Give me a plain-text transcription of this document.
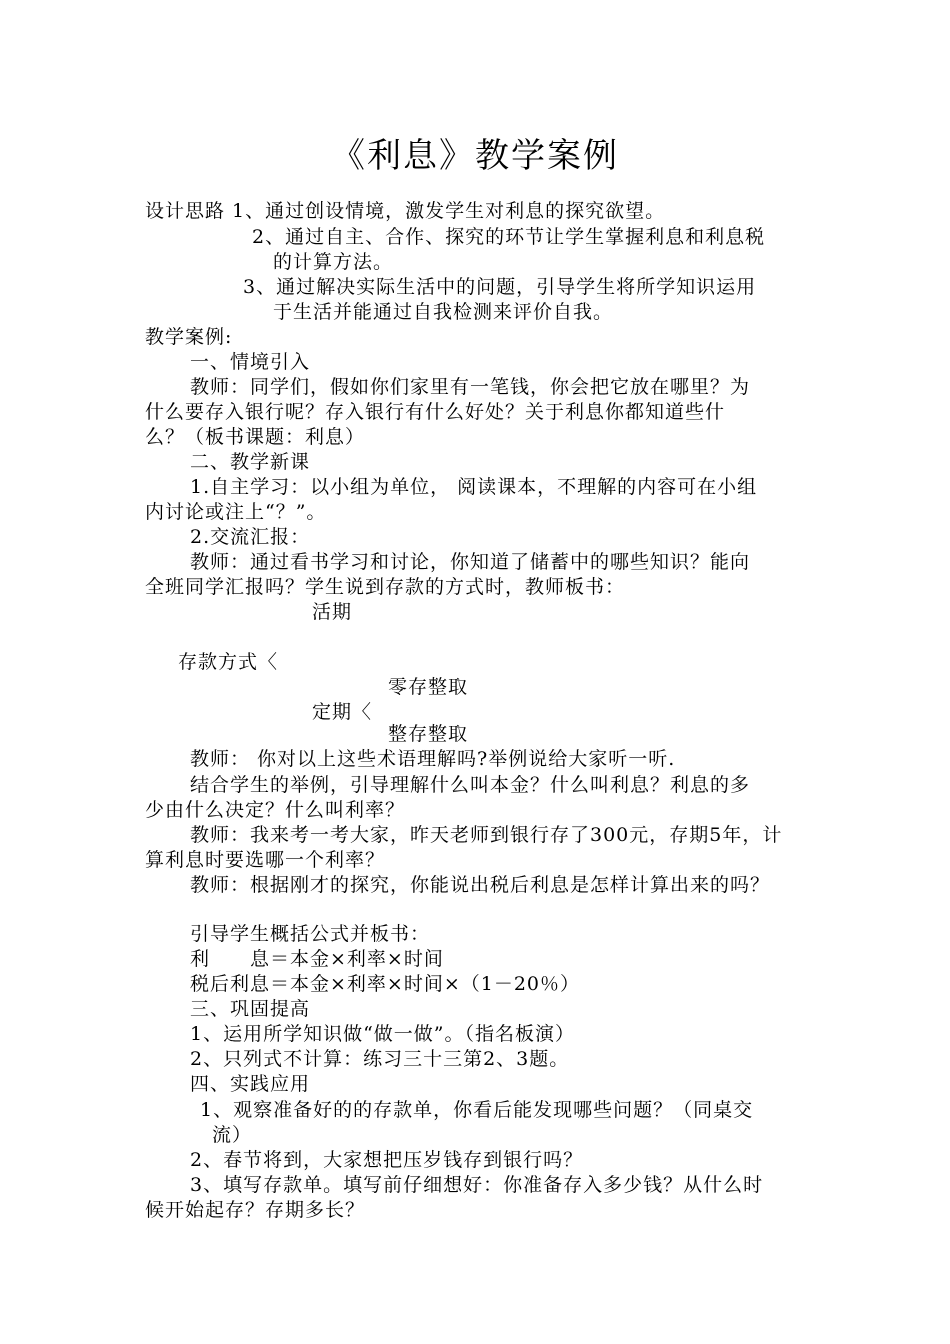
《利息》教学案例
设计思路 1、通过创设情境，激发学生对利息的探究欲望。
2、通过自主、合作、探究的环节让学生掌握利息和利息税
的计算方法。
3、通过解决实际生活中的问题，引导学生将所学知识运用
于生活并能通过自我检测来评价自我。
教学案例:
一、情境引入
教师：同学们，假如你们家里有一笔钱，你会把它放在哪里？为
什么要存入银行呢？存入银行有什么好处？关于利息你都知道些什
么？（板书课题：利息）
二、教学新课
1.自主学习：以小组为单位， 阅读课本，不理解的内容可在小组
内讨论或注上“？”。
2.交流汇报：
教师：通过看书学习和讨论，你知道了储蓄中的哪些知识？能向
全班同学汇报吗？学生说到存款的方式时，教师板书：
活期
存款方式〈
零存整取
定期〈
整存整取
教师： 你对以上这些术语理解吗?举例说给大家听一听.
结合学生的举例，引导理解什么叫本金？什么叫利息？利息的多
少由什么决定？什么叫利率？
教师：我来考一考大家，昨天老师到银行存了300元，存期5年，计
算利息时要选哪一个利率？
教师：根据刚才的探究，你能说出税后利息是怎样计算出来的吗？
引导学生概括公式并板书：
利　　息＝本金×利率×时间
税后利息＝本金×利率×时间×（1－20％）
三、巩固提高
1、运用所学知识做“做一做”。（指名板演）
2、只列式不计算：练习三十三第2、3题。
四、实践应用
1、观察准备好的的存款单，你看后能发现哪些问题？（同桌交
流）
2、春节将到，大家想把压岁钱存到银行吗？
3、填写存款单。填写前仔细想好：你准备存入多少钱？从什么时
候开始起存？存期多长？
